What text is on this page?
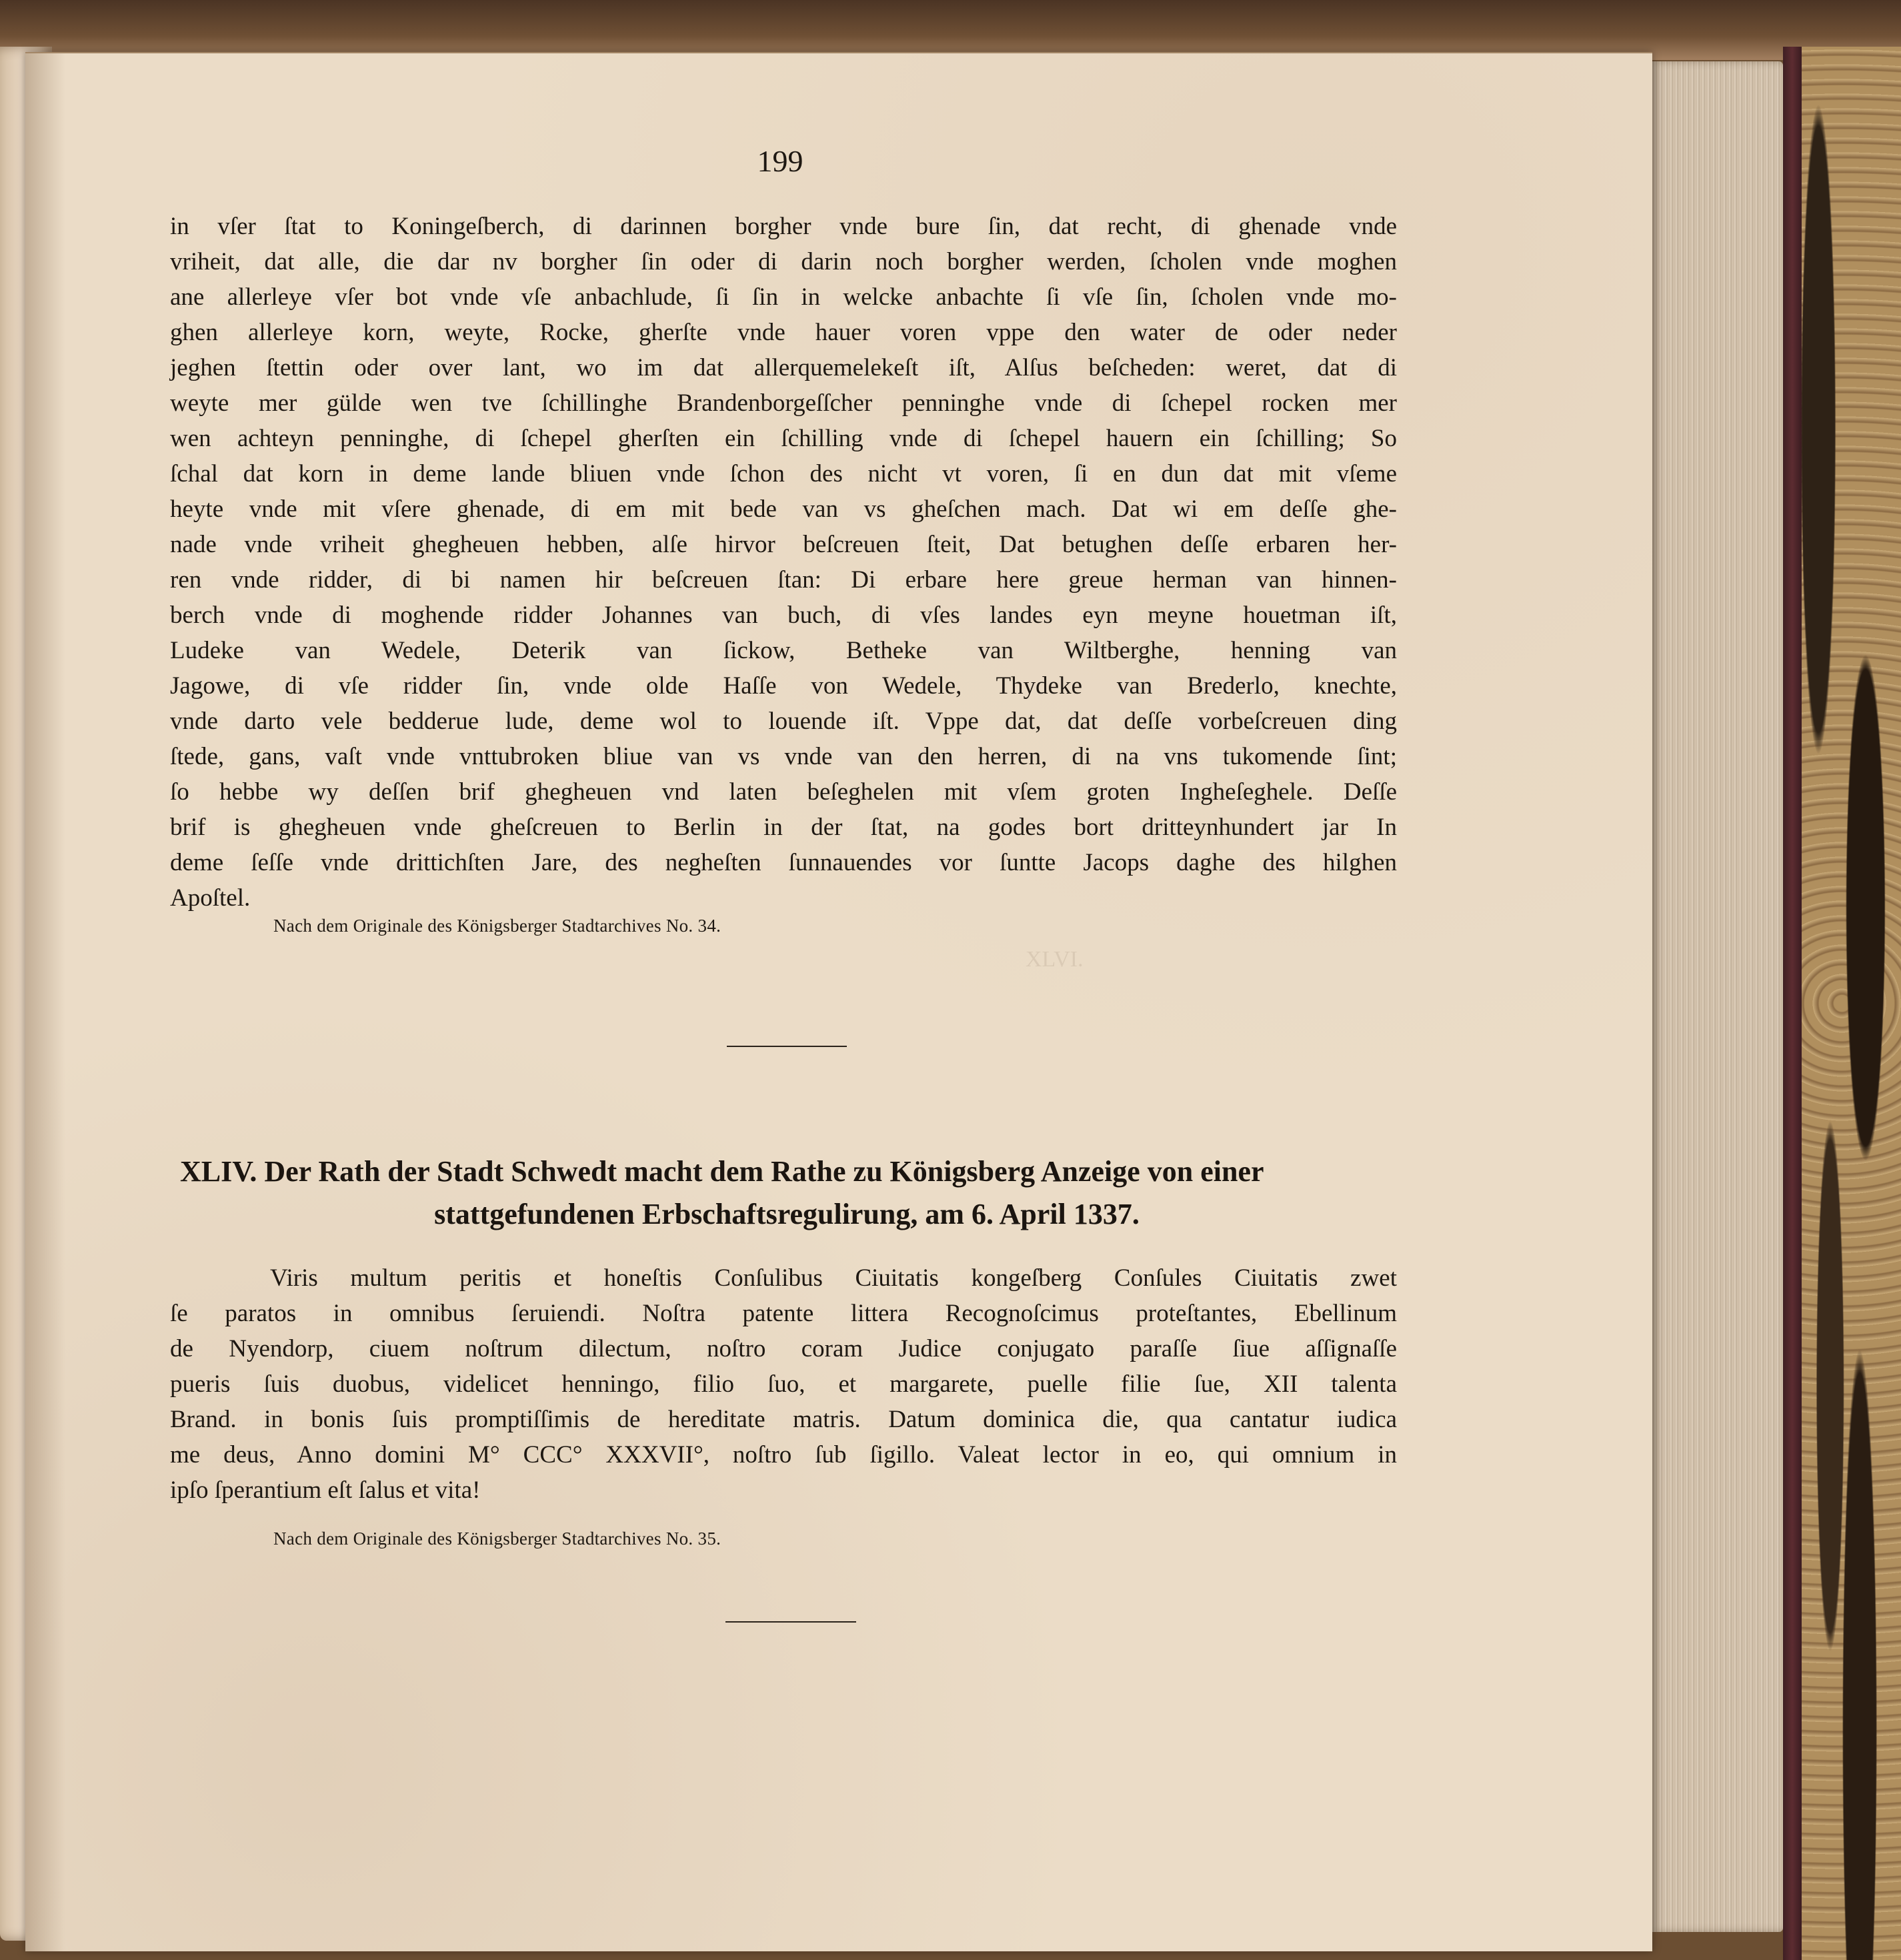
XLVI.
199
in vſer ſtat to Koningeſberch, di darinnen borgher vnde bure ſin, dat recht, di ghenade vnde
vriheit, dat alle, die dar nv borgher ſin oder di darin noch borgher werden, ſcholen vnde moghen
ane allerleye vſer bot vnde vſe anbachlude, ſi ſin in welcke anbachte ſi vſe ſin, ſcholen vnde mo-
ghen allerleye korn, weyte, Rocke, gherſte vnde hauer voren vppe den water de oder neder
jeghen ſtettin oder over lant, wo im dat allerquemelekeſt iſt, Alſus beſcheden: weret, dat di
weyte mer gülde wen tve ſchillinghe Brandenborgeſſcher penninghe vnde di ſchepel rocken mer
wen achteyn penninghe, di ſchepel gherſten ein ſchilling vnde di ſchepel hauern ein ſchilling; So
ſchal dat korn in deme lande bliuen vnde ſchon des nicht vt voren, ſi en dun dat mit vſeme
heyte vnde mit vſere ghenade, di em mit bede van vs gheſchen mach. Dat wi em deſſe ghe-
nade vnde vriheit ghegheuen hebben, alſe hirvor beſcreuen ſteit, Dat betughen deſſe erbaren her-
ren vnde ridder, di bi namen hir beſcreuen ſtan: Di erbare here greue herman van hinnen-
berch vnde di moghende ridder Johannes van buch, di vſes landes eyn meyne houetman iſt,
Ludeke van Wedele, Deterik van ſickow, Betheke van Wiltberghe, henning van
Jagowe, di vſe ridder ſin, vnde olde Haſſe von Wedele, Thydeke van Brederlo, knechte,
vnde darto vele bedderue lude, deme wol to louende iſt. Vppe dat, dat deſſe vorbeſcreuen ding
ſtede, gans, vaſt vnde vnttubroken bliue van vs vnde van den herren, di na vns tukomende ſint;
ſo hebbe wy deſſen brif ghegheuen vnd laten beſeghelen mit vſem groten Ingheſeghele. Deſſe
brif is ghegheuen vnde gheſcreuen to Berlin in der ſtat, na godes bort dritteynhundert jar In
deme ſeſſe vnde drittichſten Jare, des negheſten ſunnauendes vor ſuntte Jacops daghe des hilghen
Apoſtel.
Nach dem Originale des Königsberger Stadtarchives No. 34.
XLIV. Der Rath der Stadt Schwedt macht dem Rathe zu Königsberg Anzeige von einer
stattgefundenen Erbschaftsregulirung, am 6. April 1337.
Viris multum peritis et honeſtis Conſulibus Ciuitatis kongeſberg Conſules Ciuitatis zwet
ſe paratos in omnibus ſeruiendi. Noſtra patente littera Recognoſcimus proteſtantes, Ebellinum
de Nyendorp, ciuem noſtrum dilectum, noſtro coram Judice conjugato paraſſe ſiue aſſignaſſe
pueris ſuis duobus, videlicet henningo, filio ſuo, et margarete, puelle filie ſue, XII talenta
Brand. in bonis ſuis promptiſſimis de hereditate matris. Datum dominica die, qua cantatur iudica
me deus, Anno domini M° CCC° XXXVII°, noſtro ſub ſigillo. Valeat lector in eo, qui omnium in
ipſo ſperantium eſt ſalus et vita!
Nach dem Originale des Königsberger Stadtarchives No. 35.
